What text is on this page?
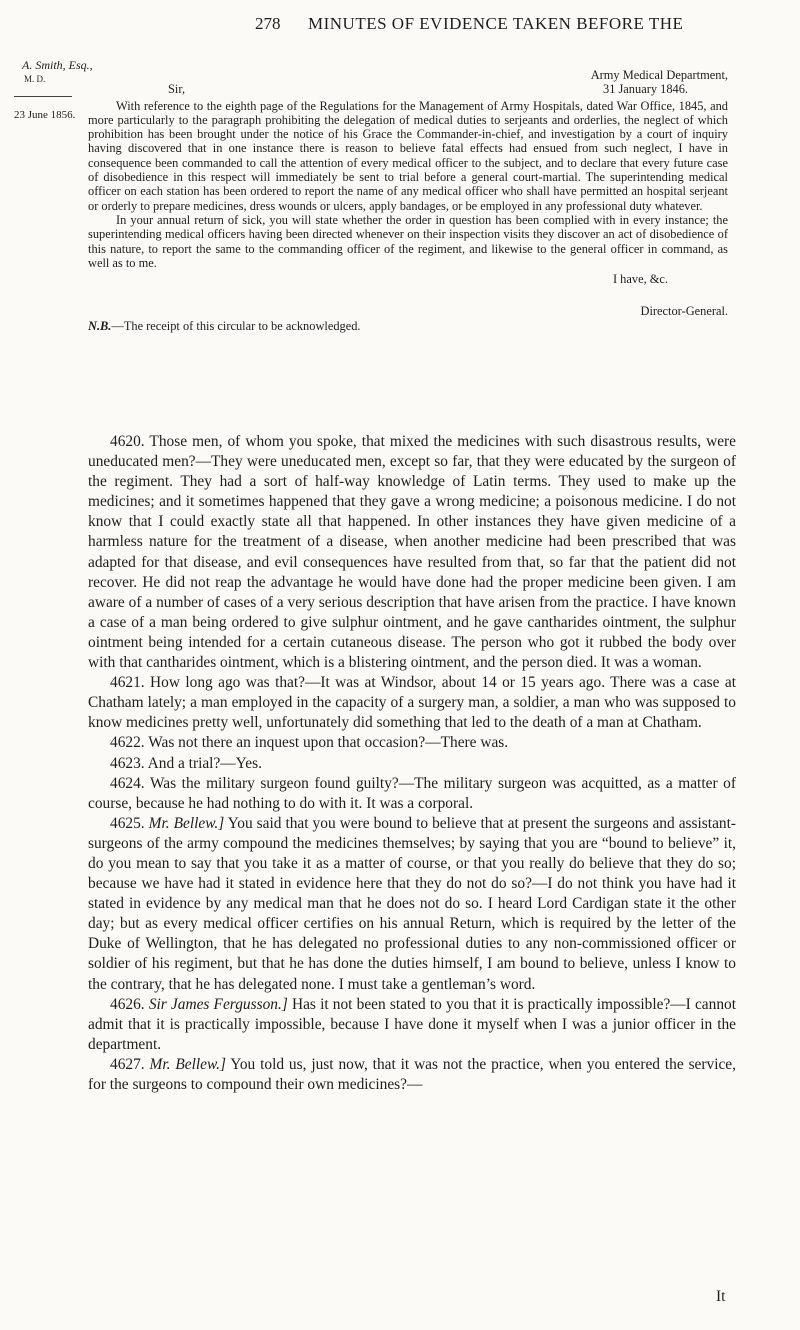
278 MINUTES OF EVIDENCE TAKEN BEFORE THE
A. Smith, Esq.,
M. D.
23 June 1856.

Army Medical Department,

Sir,	31 January 1846.

With reference to the eighth page of the Regulations for the Management of Army Hospitals, dated War Office, 1845, and more particularly to the paragraph prohibiting the delegation of medical duties to serjeants and orderlies, the neglect of which prohibition has been brought under the notice of his Grace the Commander-in-chief, and investigation by a court of inquiry having discovered that in one instance there is reason to believe fatal effects had ensued from such neglect, I have in consequence been commanded to call the attention of every medical officer to the subject, and to declare that every future case of disobedience in this respect will immediately be sent to trial before a general court-martial. The superintending medical officer on each station has been ordered to report the name of any medical officer who shall have permitted an hospital serjeant or orderly to prepare medicines, dress wounds or ulcers, apply bandages, or be employed in any professional duty whatever.

In your annual return of sick, you will state whether the order in question has been complied with in every instance; the superintending medical officers having been directed whenever on their inspection visits they discover an act of disobedience of this nature, to report the same to the commanding officer of the regiment, and likewise to the general officer in command, as well as to me.

I have, &c.

Director-General.

N.B.—The receipt of this circular to be acknowledged.

4620. Those men, of whom you spoke, that mixed the medicines with such disastrous results, were uneducated men?—They were uneducated men, except so far, that they were educated by the surgeon of the regiment. They had a sort of half-way knowledge of Latin terms. They used to make up the medicines; and it sometimes happened that they gave a wrong medicine; a poisonous medicine. I do not know that I could exactly state all that happened. In other instances they have given medicine of a harmless nature for the treatment of a disease, when another medicine had been prescribed that was adapted for that disease, and evil consequences have resulted from that, so far that the patient did not recover. He did not reap the advantage he would have done had the proper medicine been given. I am aware of a number of cases of a very serious description that have arisen from the practice. I have known a case of a man being ordered to give sulphur ointment, and he gave cantharides ointment, the sulphur ointment being intended for a certain cutaneous disease. The person who got it rubbed the body over with that cantharides ointment, which is a blistering ointment, and the person died. It was a woman.

4621. How long ago was that?—It was at Windsor, about 14 or 15 years ago. There was a case at Chatham lately; a man employed in the capacity of a surgery man, a soldier, a man who was supposed to know medicines pretty well, unfortunately did something that led to the death of a man at Chatham.

4622. Was not there an inquest upon that occasion?—There was.

4623. And a trial?—Yes.

4624. Was the military surgeon found guilty?—The military surgeon was acquitted, as a matter of course, because he had nothing to do with it. It was a corporal.

4625. Mr. Bellew.] You said that you were bound to believe that at present the surgeons and assistant-surgeons of the army compound the medicines themselves; by saying that you are “bound to believe” it, do you mean to say that you take it as a matter of course, or that you really do believe that they do so; because we have had it stated in evidence here that they do not do so?—I do not think you have had it stated in evidence by any medical man that he does not do so. I heard Lord Cardigan state it the other day; but as every medical officer certifies on his annual Return, which is required by the letter of the Duke of Wellington, that he has delegated no professional duties to any non-commissioned officer or soldier of his regiment, but that he has done the duties himself, I am bound to believe, unless I know to the contrary, that he has delegated none. I must take a gentleman’s word.

4626. Sir James Fergusson.] Has it not been stated to you that it is practically impossible?—I cannot admit that it is practically impossible, because I have done it myself when I was a junior officer in the department.

4627. Mr. Bellew.] You told us, just now, that it was not the practice, when you entered the service, for the surgeons to compound their own medicines?—

It
